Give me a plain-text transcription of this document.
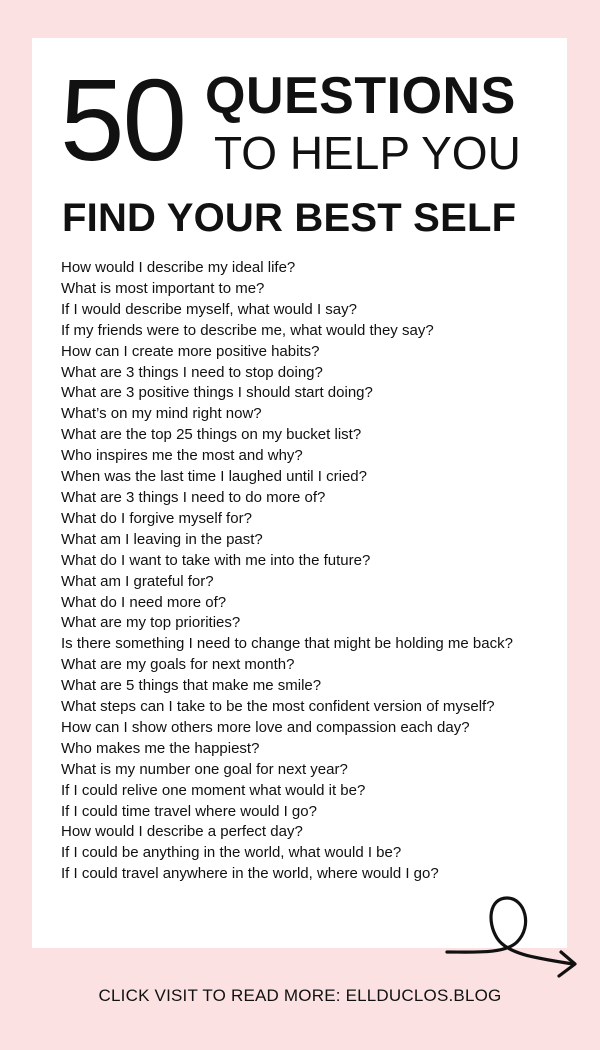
50 QUESTIONS
TO HELP YOU
FIND YOUR BEST SELF
How would I describe my ideal life?
What is most important to me?
If I would describe myself, what would I say?
If my friends were to describe me, what would they say?
How can I create more positive habits?
What are 3 things I need to stop doing?
What are 3 positive things I should start doing?
What’s on my mind right now?
What are the top 25 things on my bucket list?
Who inspires me the most and why?
When was the last time I laughed until I cried?
What are 3 things I need to do more of?
What do I forgive myself for?
What am I leaving in the past?
What do I want to take with me into the future?
What am I grateful for?
What do I need more of?
What are my top priorities?
Is there something I need to change that might be holding me back?
What are my goals for next month?
What are 5 things that make me smile?
What steps can I take to be the most confident version of myself?
How can I show others more love and compassion each day?
Who makes me the happiest?
What is my number one goal for next year?
If I could relive one moment what would it be?
If I could time travel where would I go?
How would I describe a perfect day?
If I could be anything in the world, what would I be?
If I could travel anywhere in the world, where would I go?
CLICK VISIT TO READ MORE: ELLDUCLOS.BLOG
